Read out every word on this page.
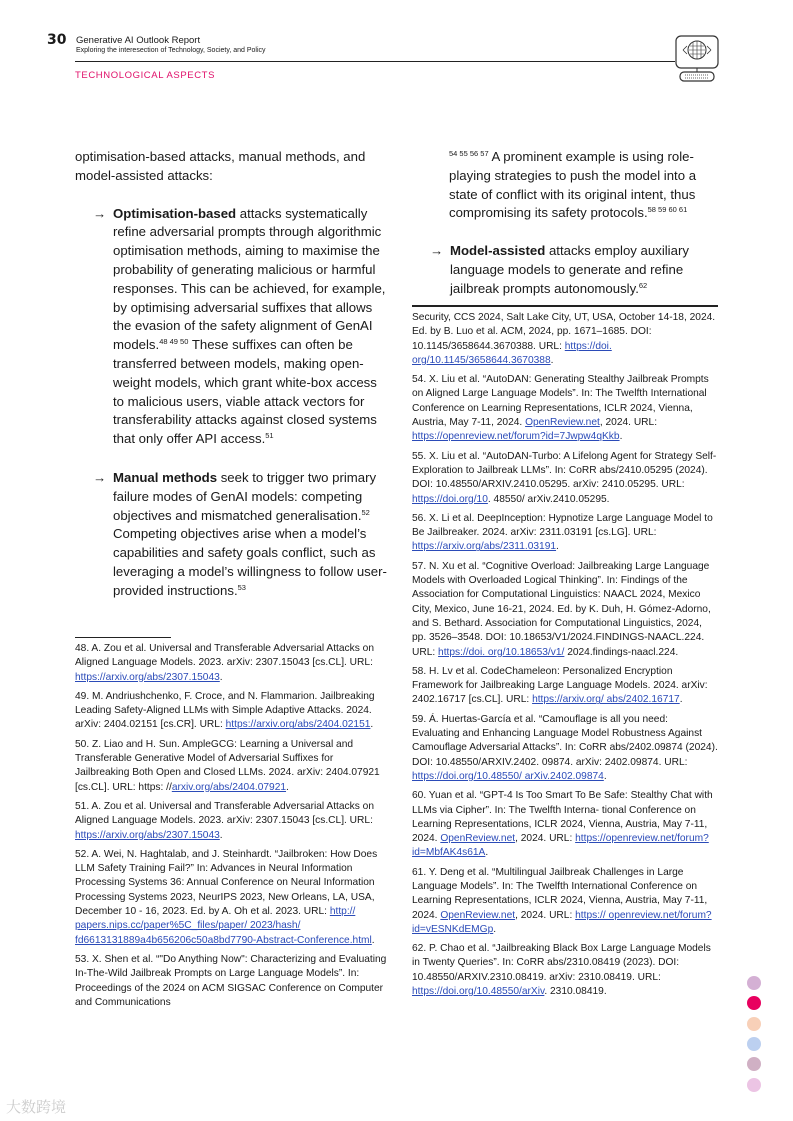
30 Generative AI Outlook Report
Exploring the interesection of Technology, Society, and Policy
TECHNOLOGICAL ASPECTS

optimisation-based attacks, manual methods, and model-assisted attacks:

→ Optimisation-based attacks systematically refine adversarial prompts through algorithmic optimisation methods, aiming to maximise the probability of generating malicious or harmful responses. This can be achieved, for example, by optimising adversarial suffixes that allows the evasion of the safety alignment of GenAI models.$^{48 49 50}$ These suffixes can often be transferred between models, making open-weight models, which grant white-box access to malicious users, viable attack vectors for transferability attacks against closed systems that only offer API access.$^{51}$

→ Manual methods seek to trigger two primary failure modes of GenAI models: competing objectives and mismatched generalisation.$^{52}$ Competing objectives arise when a model’s capabilities and safety goals conflict, such as leveraging a model’s willingness to follow user-provided instructions.$^{53}$

$^{54 55 56 57}$ A prominent example is using role-playing strategies to push the model into a state of conflict with its original intent, thus compromising its safety protocols.$^{58 59 60 61}$

→ Model-assisted attacks employ auxiliary language models to generate and refine jailbreak prompts autonomously.$^{62}$

48. A. Zou et al. Universal and Transferable Adversarial Attacks on Aligned Language Models. 2023. arXiv: 2307.15043 [cs.CL]. URL: https://arxiv.org/abs/2307.15043.
49. M. Andriushchenko, F. Croce, and N. Flammarion. Jailbreaking Leading Safety-Aligned LLMs with Simple Adaptive Attacks. 2024. arXiv: 2404.02151 [cs.CR]. URL: https://arxiv.org/abs/2404.02151.
50. Z. Liao and H. Sun. AmpleGCG: Learning a Universal and Transferable Generative Model of Adversarial Suffixes for Jailbreaking Both Open and Closed LLMs. 2024. arXiv: 2404.07921 [cs.CL]. URL: https: //arxiv.org/abs/2404.07921.
51. A. Zou et al. Universal and Transferable Adversarial Attacks on Aligned Language Models. 2023. arXiv: 2307.15043 [cs.CL]. URL: https://arxiv.org/abs/2307.15043.
52. A. Wei, N. Haghtalab, and J. Steinhardt. “Jailbroken: How Does LLM Safety Training Fail?” In: Advances in Neural Information Processing Systems 36: Annual Conference on Neural Information Processing Systems 2023, NeurIPS 2023, New Orleans, LA, USA, December 10 - 16, 2023. Ed. by A. Oh et al. 2023. URL: http:// papers.nips.cc/paper%5C_files/paper/ 2023/hash/ fd6613131889a4b656206c50a8bd7790-Abstract-Conference.html.
53. X. Shen et al. “"Do Anything Now": Characterizing and Evaluating In-The-Wild Jailbreak Prompts on Large Language Models”. In: Proceedings of the 2024 on ACM SIGSAC Conference on Computer and Communications
Security, CCS 2024, Salt Lake City, UT, USA, October 14-18, 2024. Ed. by B. Luo et al. ACM, 2024, pp. 1671–1685. DOI: 10.1145/3658644.3670388. URL: https://doi. org/10.1145/3658644.3670388.
54. X. Liu et al. “AutoDAN: Generating Stealthy Jailbreak Prompts on Aligned Large Language Models”. In: The Twelfth International Conference on Learning Representations, ICLR 2024, Vienna, Austria, May 7-11, 2024. OpenReview.net, 2024. URL: https://openreview.net/forum?id=7Jwpw4qKkb.
55. X. Liu et al. “AutoDAN-Turbo: A Lifelong Agent for Strategy Self-Exploration to Jailbreak LLMs”. In: CoRR abs/2410.05295 (2024). DOI: 10.48550/ARXIV.2410.05295. arXiv: 2410.05295. URL: https://doi.org/10. 48550/ arXiv.2410.05295.
56. X. Li et al. DeepInception: Hypnotize Large Language Model to Be Jailbreaker. 2024. arXiv: 2311.03191 [cs.LG]. URL: https://arxiv.org/abs/2311.03191.
57. N. Xu et al. “Cognitive Overload: Jailbreaking Large Language Models with Overloaded Logical Thinking”. In: Findings of the Association for Computational Linguistics: NAACL 2024, Mexico City, Mexico, June 16-21, 2024. Ed. by K. Duh, H. Gómez-Adorno, and S. Bethard. Association for Computational Linguistics, 2024, pp. 3526–3548. DOI: 10.18653/V1/2024.FINDINGS-NAACL.224. URL: https://doi. org/10.18653/v1/ 2024.findings-naacl.224.
58. H. Lv et al. CodeChameleon: Personalized Encryption Framework for Jailbreaking Large Language Models. 2024. arXiv: 2402.16717 [cs.CL]. URL: https://arxiv.org/ abs/2402.16717.
59. Á. Huertas-García et al. “Camouflage is all you need: Evaluating and Enhancing Language Model Robustness Against Camouflage Adversarial Attacks”. In: CoRR abs/2402.09874 (2024). DOI: 10.48550/ARXIV.2402. 09874. arXiv: 2402.09874. URL: https://doi.org/10.48550/ arXiv.2402.09874.
60. Yuan et al. “GPT-4 Is Too Smart To Be Safe: Stealthy Chat with LLMs via Cipher”. In: The Twelfth Interna- tional Conference on Learning Representations, ICLR 2024, Vienna, Austria, May 7-11, 2024. OpenReview.net, 2024. URL: https://openreview.net/forum?id=MbfAK4s61A.
61. Y. Deng et al. “Multilingual Jailbreak Challenges in Large Language Models”. In: The Twelfth International Conference on Learning Representations, ICLR 2024, Vienna, Austria, May 7-11, 2024. OpenReview.net, 2024. URL: https:// openreview.net/forum?id=vESNKdEMGp.
62. P. Chao et al. “Jailbreaking Black Box Large Language Models in Twenty Queries”. In: CoRR abs/2310.08419 (2023). DOI: 10.48550/ARXIV.2310.08419. arXiv: 2310.08419. URL: https://doi.org/10.48550/arXiv. 2310.08419.
大数跨境
